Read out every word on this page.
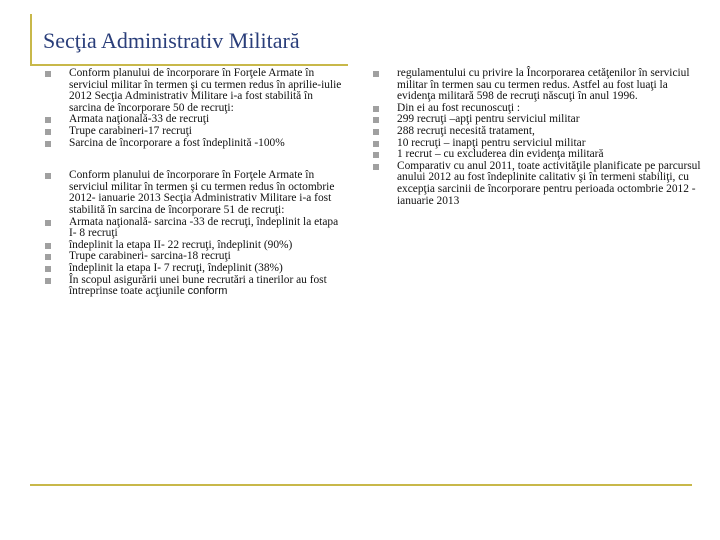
Secţia Administrativ Militară
Conform planului de încorporare în Forţele Armate în serviciul militar în termen şi cu termen redus în aprilie-iulie 2012 Secţia Administrativ Militare i-a fost stabilită în sarcina de încorporare 50 de recruţi:
Armata naţională-33 de recruţi
Trupe carabineri-17 recruţi
Sarcina de încorporare a fost îndeplinită -100%
Conform planului de încorporare în Forţele Armate în serviciul militar în termen şi cu termen redus în octombrie 2012- ianuarie 2013 Secţia Administrativ Militare i-a fost stabilită în sarcina de încorporare 51 de recruţi:
Armata naţională- sarcina -33 de recruţi, îndeplinit la etapa I- 8 recruţi
îndeplinit la etapa II- 22 recruţi, îndeplinit (90%)
Trupe carabineri- sarcina-18 recruţi
îndeplinit la etapa I- 7 recruţi, îndeplinit (38%)
În scopul asigurării unei bune recrutări a tinerilor au fost întreprinse toate acţiunile conform
regulamentului cu privire la Încorporarea cetăţenilor în serviciul militar în termen sau cu termen redus. Astfel au fost luaţi la evidenţa militară 598 de recruţi născuţi în anul 1996.
Din ei au fost recunoscuţi :
299 recruţi –apţi pentru serviciul militar
288 recruţi necesită tratament,
10 recruţi – inapţi pentru serviciul militar
1 recrut – cu excluderea din evidenţa militară
Comparativ cu anul 2011, toate activităţile planificate pe parcursul anului 2012 au fost îndeplinite calitativ şi în termeni stabiliţi, cu excepţia sarcinii de încorporare pentru perioada octombrie 2012 - ianuarie 2013
